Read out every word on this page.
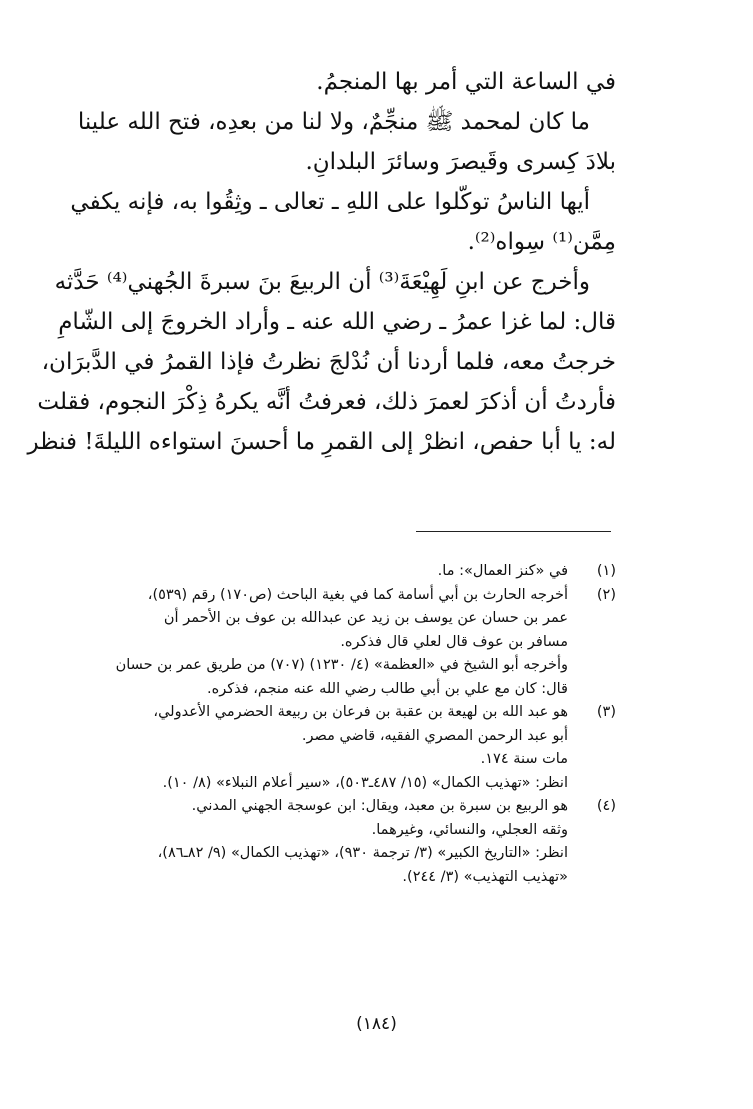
في الساعة التي أمر بها المنجمُ.
ما كان لمحمد ﷺ منجِّمٌ، ولا لنا من بعدِه، فتح الله علينا
بلادَ كِسرى وقَيصرَ وسائرَ البلدانِ.
أيها الناسُ توكّلوا على اللهِ ـ تعالى ـ وثِقُوا به، فإنه يكفي
مِمَّن⁽¹⁾ سِواه⁽²⁾.
وأخرج عن ابنِ لَهِيْعَةَ⁽³⁾ أن الربيعَ بنَ سبرةَ الجُهني⁽⁴⁾ حَدَّثه
قال: لما غزا عمرُ ـ رضي الله عنه ـ وأراد الخروجَ إلى الشّامِ
خرجتُ معه، فلما أردنا أن نُدْلجَ نظرتُ فإذا القمرُ في الدَّبرَان،
فأردتُ أن أذكرَ لعمرَ ذلك، فعرفتُ أنَّه يكرهُ ذِكْرَ النجوم، فقلت
له: يا أبا حفص، انظرْ إلى القمرِ ما أحسنَ استواءه الليلةَ! فنظر
(١)
في «كنز العمال»: ما.
(٢)
أخرجه الحارث بن أبي أسامة كما في بغية الباحث (ص١٧٠) رقم (٥٣٩)،
عمر بن حسان عن يوسف بن زيد عن عبدالله بن عوف بن الأحمر أن
مسافر بن عوف قال لعلي قال فذكره.
وأخرجه أبو الشيخ في «العظمة» (٤/ ١٢٣٠) (٧٠٧) من طريق عمر بن حسان
قال: كان مع علي بن أبي طالب رضي الله عنه منجم، فذكره.
(٣)
هو عبد الله بن لهيعة بن عقبة بن فرعان بن ربيعة الحضرمي الأعدولي،
أبو عبد الرحمن المصري الفقيه، قاضي مصر.
مات سنة ١٧٤.
انظر: «تهذيب الكمال» (١٥/ ٤٨٧ـ٥٠٣)، «سير أعلام النبلاء» (٨/ ١٠).
(٤)
هو الربيع بن سبرة بن معبد، ويقال: ابن عوسجة الجهني المدني.
وثقه العجلي، والنسائي، وغيرهما.
انظر: «التاريخ الكبير» (٣/ ترجمة ٩٣٠)، «تهذيب الكمال» (٩/ ٨٢ـ٨٦)،
«تهذيب التهذيب» (٣/ ٢٤٤).
(١٨٤)
